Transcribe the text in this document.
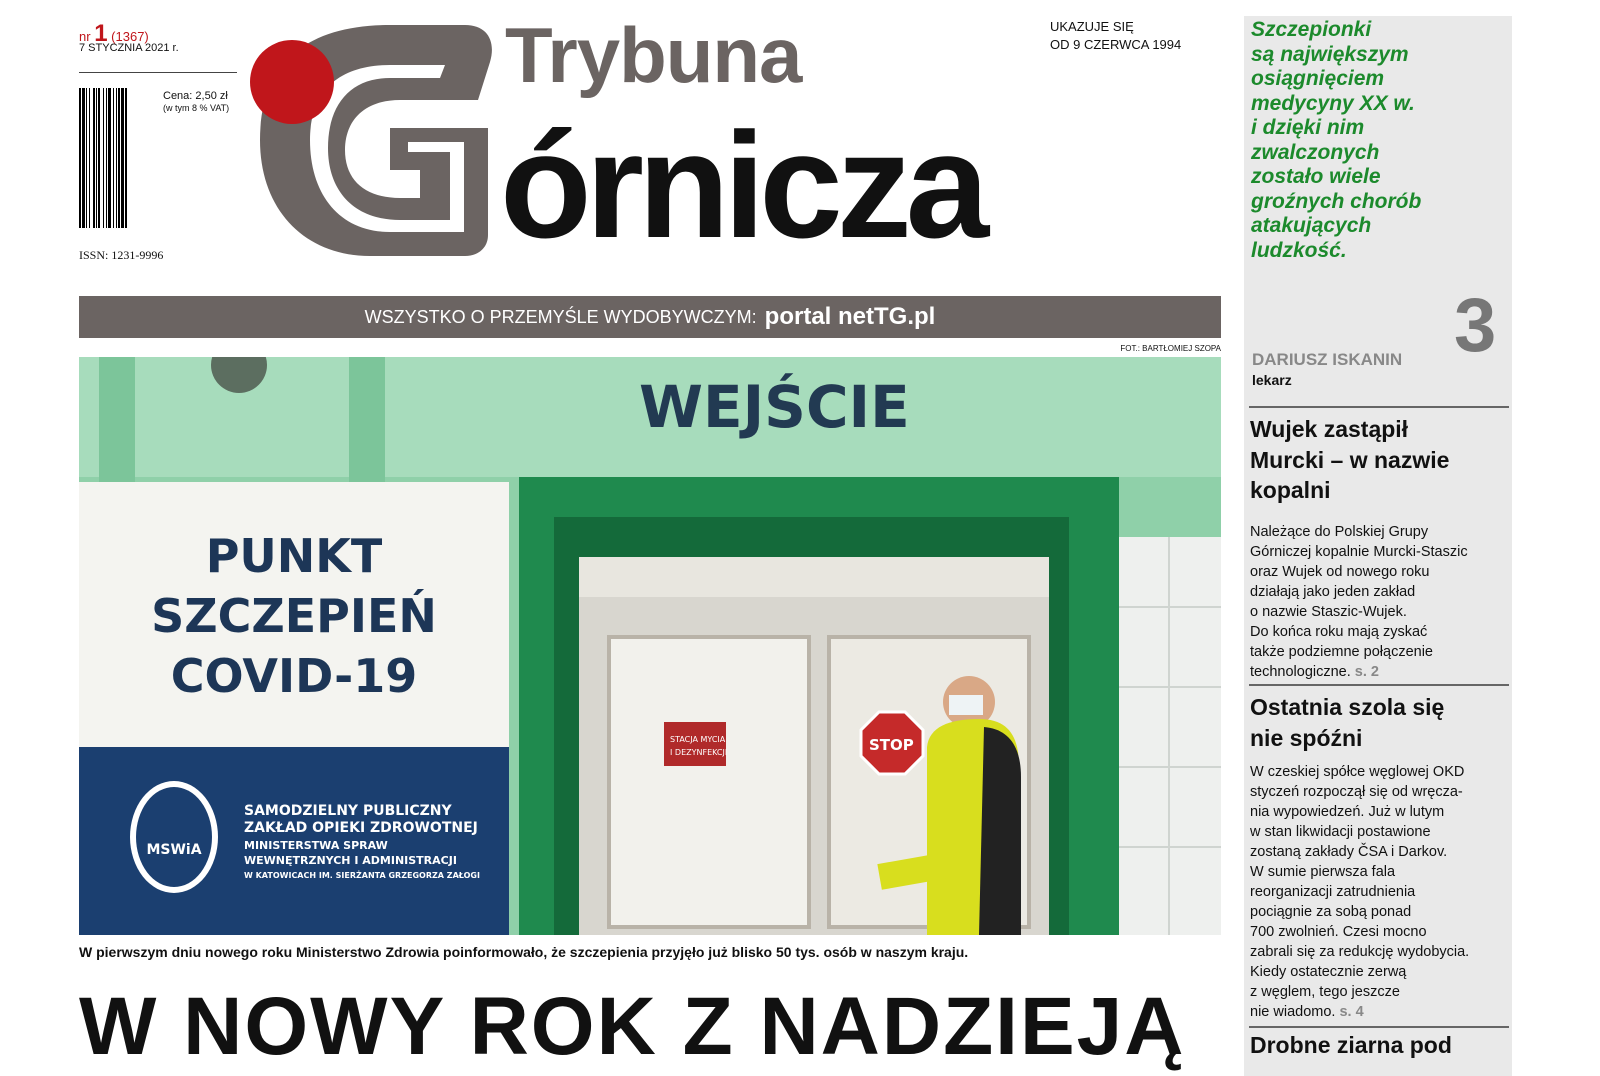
nr 1 (1367)
7 STYCZNIA 2021 r.
Cena: 2,50 zł
(w tym 8 % VAT)
ISSN: 1231-9996
Trybuna
órnicza
UKAZUJE SIĘ
OD 9 CZERWCA 1994
WSZYSTKO O PRZEMYŚLE WYDOBYWCZYM: portal netTG.pl
FOT.: BARTŁOMIEJ SZOPA
WEJŚCIE
STACJA MYCIA
I DEZYNFEKCJI	STOP
PUNKT
SZCZEPIEŃ
COVID-19
MSWiA
SAMODZIELNY PUBLICZNY
ZAKŁAD OPIEKI ZDROWOTNEJ
MINISTERSTWA SPRAW
WEWNĘTRZNYCH I ADMINISTRACJI
W KATOWICACH IM. SIERŻANTA GRZEGORZA ZAŁOGI
W pierwszym dniu nowego roku Ministerstwo Zdrowia poinformowało, że szczepienia przyjęło już blisko 50 tys. osób w naszym kraju.
W NOWY ROK Z NADZIEJĄ
Szczepionki
są największym
osiągnięciem
medycyny XX w.
i dzięki nim
zwalczonych
zostało wiele
groźnych chorób
atakujących
ludzkość.
3
DARIUSZ ISKANIN
lekarz
Wujek zastąpił
Murcki – w nazwie
kopalni
Należące do Polskiej Grupy
Górniczej kopalnie Murcki-Staszic
oraz Wujek od nowego roku
działają jako jeden zakład
o nazwie Staszic-Wujek.
Do końca roku mają zyskać
także podziemne połączenie
technologiczne. s. 2
Ostatnia szola się
nie spóźni
W czeskiej spółce węglowej OKD
styczeń rozpoczął się od wręcza-
nia wypowiedzeń. Już w lutym
w stan likwidacji postawione
zostaną zakłady ČSA i Darkov.
W sumie pierwsza fala
reorganizacji zatrudnienia
pociągnie za sobą ponad
700 zwolnień. Czesi mocno
zabrali się za redukcję wydobycia.
Kiedy ostatecznie zerwą
z węglem, tego jeszcze
nie wiadomo. s. 4
Drobne ziarna pod
